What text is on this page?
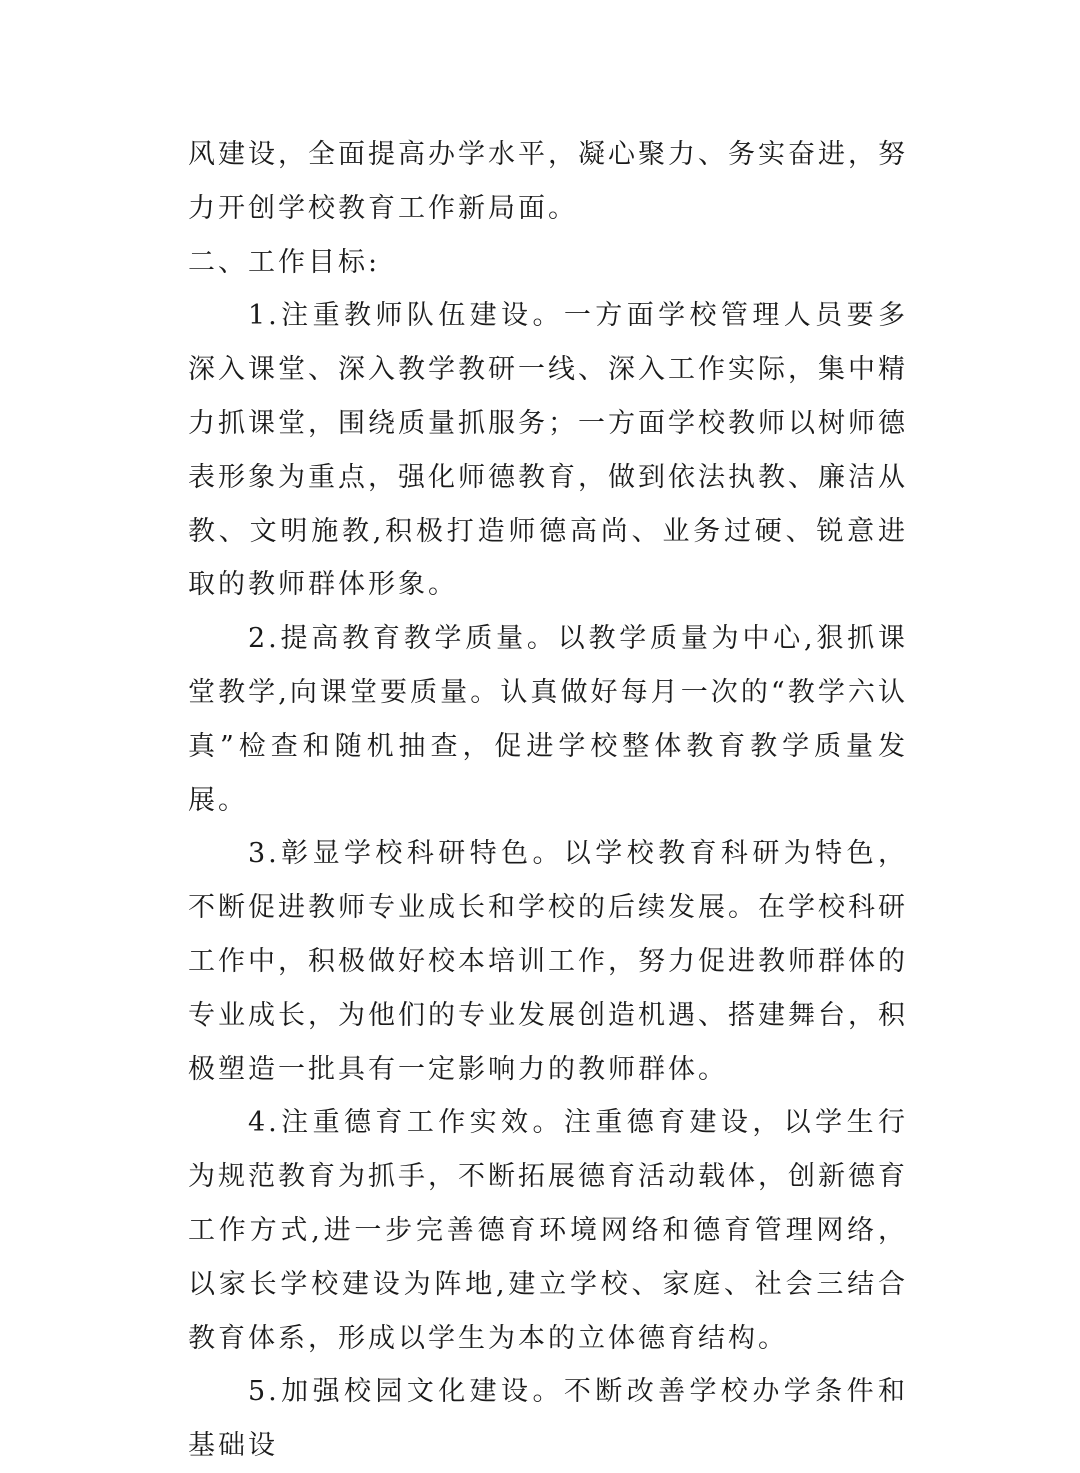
风建设，全面提高办学水平，凝心聚力、务实奋进，努力开创学校教育工作新局面。

二、工作目标:

1.注重教师队伍建设。一方面学校管理人员要多深入课堂、深入教学教研一线、深入工作实际，集中精力抓课堂，围绕质量抓服务；一方面学校教师以树师德表形象为重点，强化师德教育，做到依法执教、廉洁从教、文明施教,积极打造师德高尚、业务过硬、锐意进取的教师群体形象。

2.提高教育教学质量。以教学质量为中心,狠抓课堂教学,向课堂要质量。认真做好每月一次的“教学六认真”检查和随机抽查，促进学校整体教育教学质量发展。

3.彰显学校科研特色。以学校教育科研为特色，不断促进教师专业成长和学校的后续发展。在学校科研工作中，积极做好校本培训工作，努力促进教师群体的专业成长，为他们的专业发展创造机遇、搭建舞台，积极塑造一批具有一定影响力的教师群体。

4.注重德育工作实效。注重德育建设，以学生行为规范教育为抓手，不断拓展德育活动载体，创新德育工作方式,进一步完善德育环境网络和德育管理网络，以家长学校建设为阵地,建立学校、家庭、社会三结合教育体系，形成以学生为本的立体德育结构。

5.加强校园文化建设。不断改善学校办学条件和基础设
